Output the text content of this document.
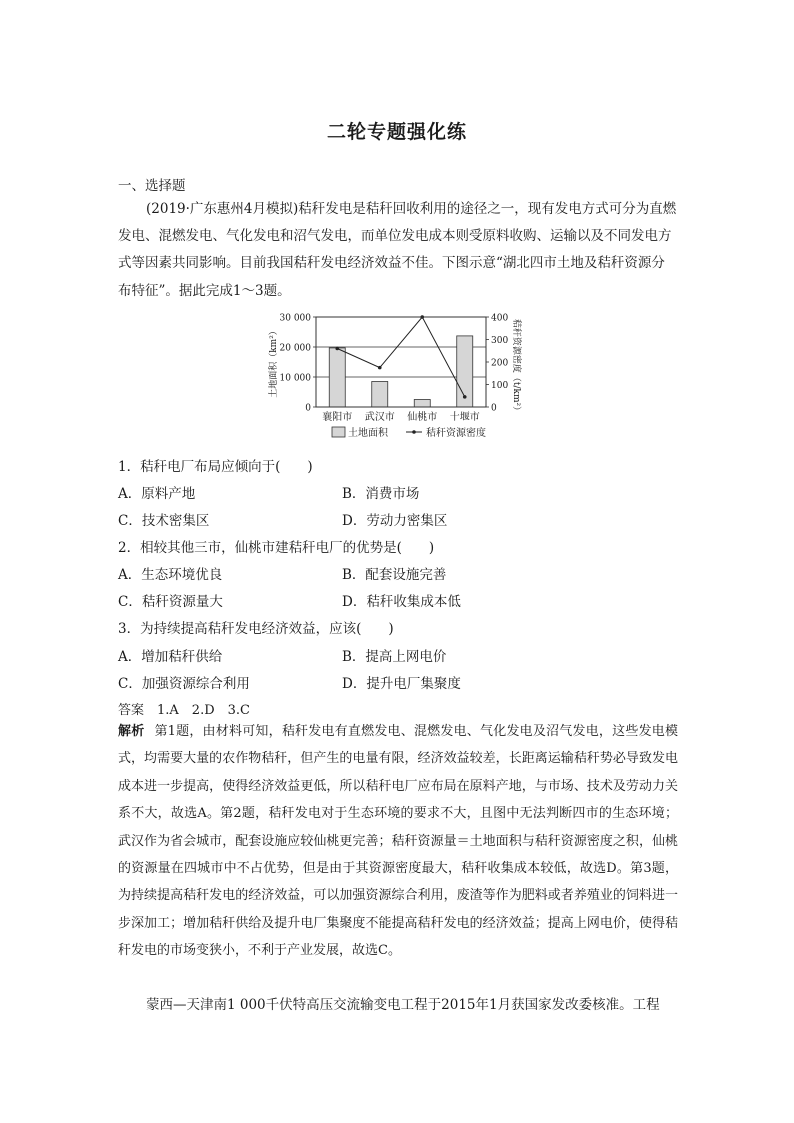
二轮专题强化练
一、选择题
(2019·广东惠州4月模拟)秸秆发电是秸秆回收利用的途径之一，现有发电方式可分为直燃发电、混燃发电、气化发电和沼气发电，而单位发电成本则受原料收购、运输以及不同发电方式等因素共同影响。目前我国秸秆发电经济效益不佳。下图示意“湖北四市土地及秸秆资源分布特征”。据此完成1～3题。
0
10 000
20 000
30 000
0
100
200
300
400
襄阳市 武汉市 仙桃市 十堰市
土地面积（km²）	秸秆资源密度（t/km²）
土地面积	秸秆资源密度
1．秸秆电厂布局应倾向于(　　)
A．原料产地	B．消费市场
C．技术密集区	D．劳动力密集区
2．相较其他三市，仙桃市建秸秆电厂的优势是(　　)
A．生态环境优良	B．配套设施完善
C．秸秆资源量大	D．秸秆收集成本低
3．为持续提高秸秆发电经济效益，应该(　　)
A．增加秸秆供给	B．提高上网电价
C．加强资源综合利用	D．提升电厂集聚度
答案　1.A　2.D　3.C
解析 第1题，由材料可知，秸秆发电有直燃发电、混燃发电、气化发电及沼气发电，这些发电模式，均需要大量的农作物秸秆，但产生的电量有限，经济效益较差，长距离运输秸秆势必导致发电成本进一步提高，使得经济效益更低，所以秸秆电厂应布局在原料产地，与市场、技术及劳动力关系不大，故选A。第2题，秸秆发电对于生态环境的要求不大，且图中无法判断四市的生态环境；武汉作为省会城市，配套设施应较仙桃更完善；秸秆资源量＝土地面积与秸秆资源密度之积，仙桃的资源量在四城市中不占优势，但是由于其资源密度最大，秸秆收集成本较低，故选D。第3题，为持续提高秸秆发电的经济效益，可以加强资源综合利用，废渣等作为肥料或者养殖业的饲料进一步深加工；增加秸秆供给及提升电厂集聚度不能提高秸秆发电的经济效益；提高上网电价，使得秸秆发电的市场变狭小，不利于产业发展，故选C。
蒙西—天津南1 000千伏特高压交流输变电工程于2015年1月获国家发改委核准。工程
